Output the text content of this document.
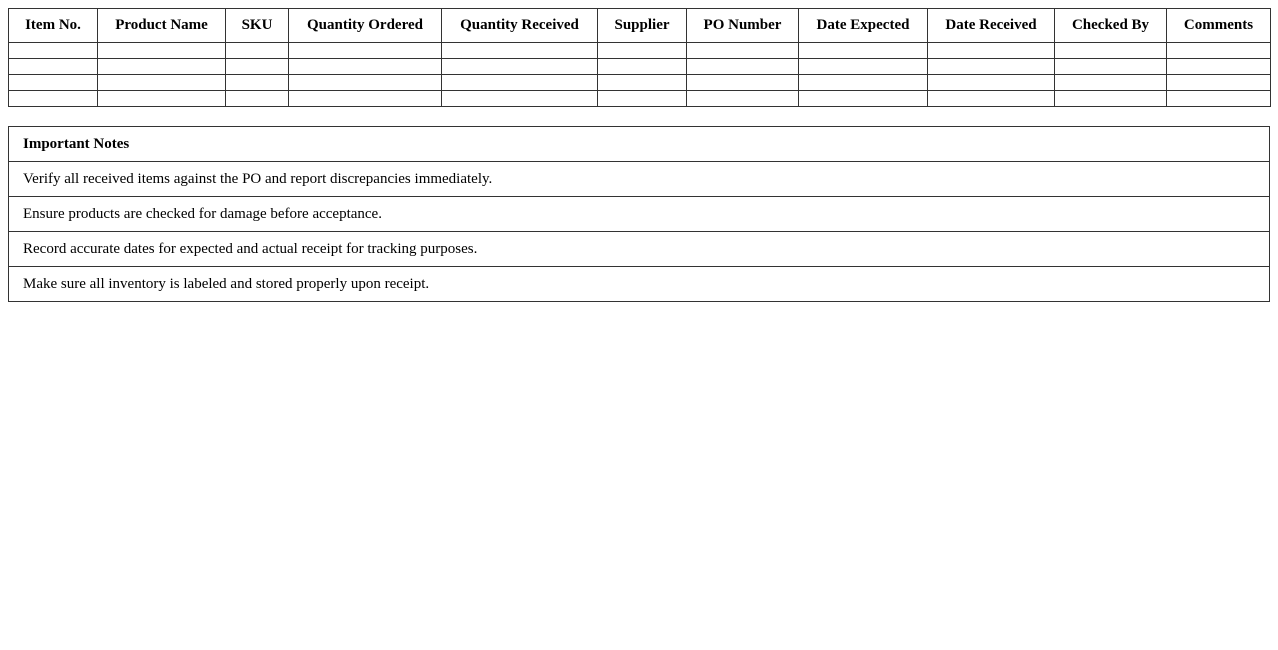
Item No.	Product Name	SKU	Quantity Ordered	Quantity Received	Supplier	PO Number	Date Expected	Date Received	Checked By	Comments

Important Notes
Verify all received items against the PO and report discrepancies immediately.
Ensure products are checked for damage before acceptance.
Record accurate dates for expected and actual receipt for tracking purposes.
Make sure all inventory is labeled and stored properly upon receipt.
